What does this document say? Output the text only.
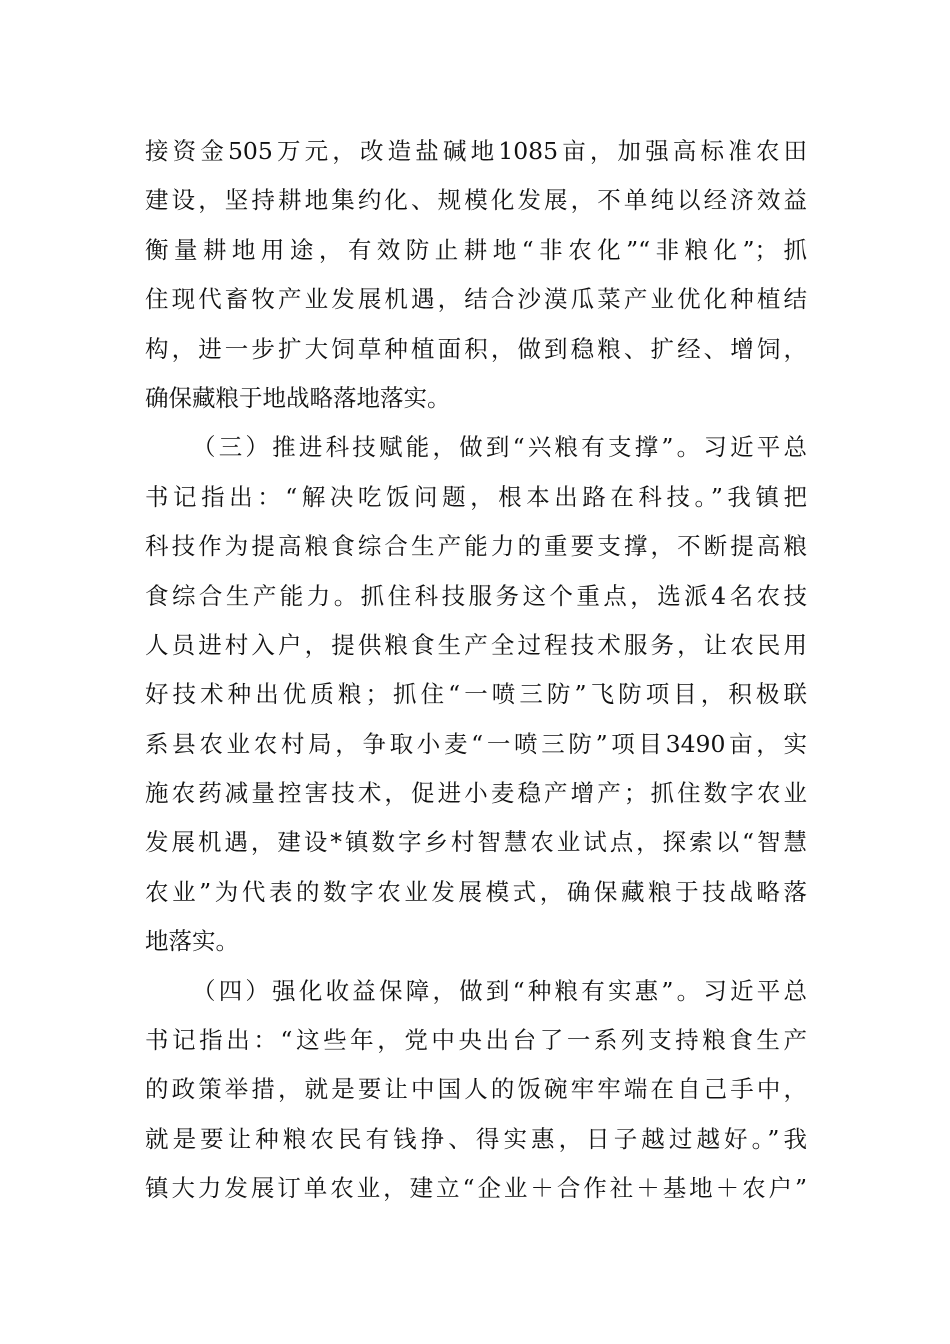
接资金505万元，改造盐碱地1085亩，加强高标准农田
建设，坚持耕地集约化、规模化发展，不单纯以经济效益
衡量耕地用途，有效防止耕地“非农化”“非粮化”；抓
住现代畜牧产业发展机遇，结合沙漠瓜菜产业优化种植结
构，进一步扩大饲草种植面积，做到稳粮、扩经、增饲，
确保藏粮于地战略落地落实。
（三）推进科技赋能，做到“兴粮有支撑”。习近平总
书记指出：“解决吃饭问题，根本出路在科技。”我镇把
科技作为提高粮食综合生产能力的重要支撑，不断提高粮
食综合生产能力。抓住科技服务这个重点，选派4名农技
人员进村入户，提供粮食生产全过程技术服务，让农民用
好技术种出优质粮；抓住“一喷三防”飞防项目，积极联
系县农业农村局，争取小麦“一喷三防”项目3490亩，实
施农药减量控害技术，促进小麦稳产增产；抓住数字农业
发展机遇，建设*镇数字乡村智慧农业试点，探索以“智慧
农业”为代表的数字农业发展模式，确保藏粮于技战略落
地落实。
（四）强化收益保障，做到“种粮有实惠”。习近平总
书记指出：“这些年，党中央出台了一系列支持粮食生产
的政策举措，就是要让中国人的饭碗牢牢端在自己手中，
就是要让种粮农民有钱挣、得实惠，日子越过越好。”我
镇大力发展订单农业，建立“企业＋合作社＋基地＋农户”
